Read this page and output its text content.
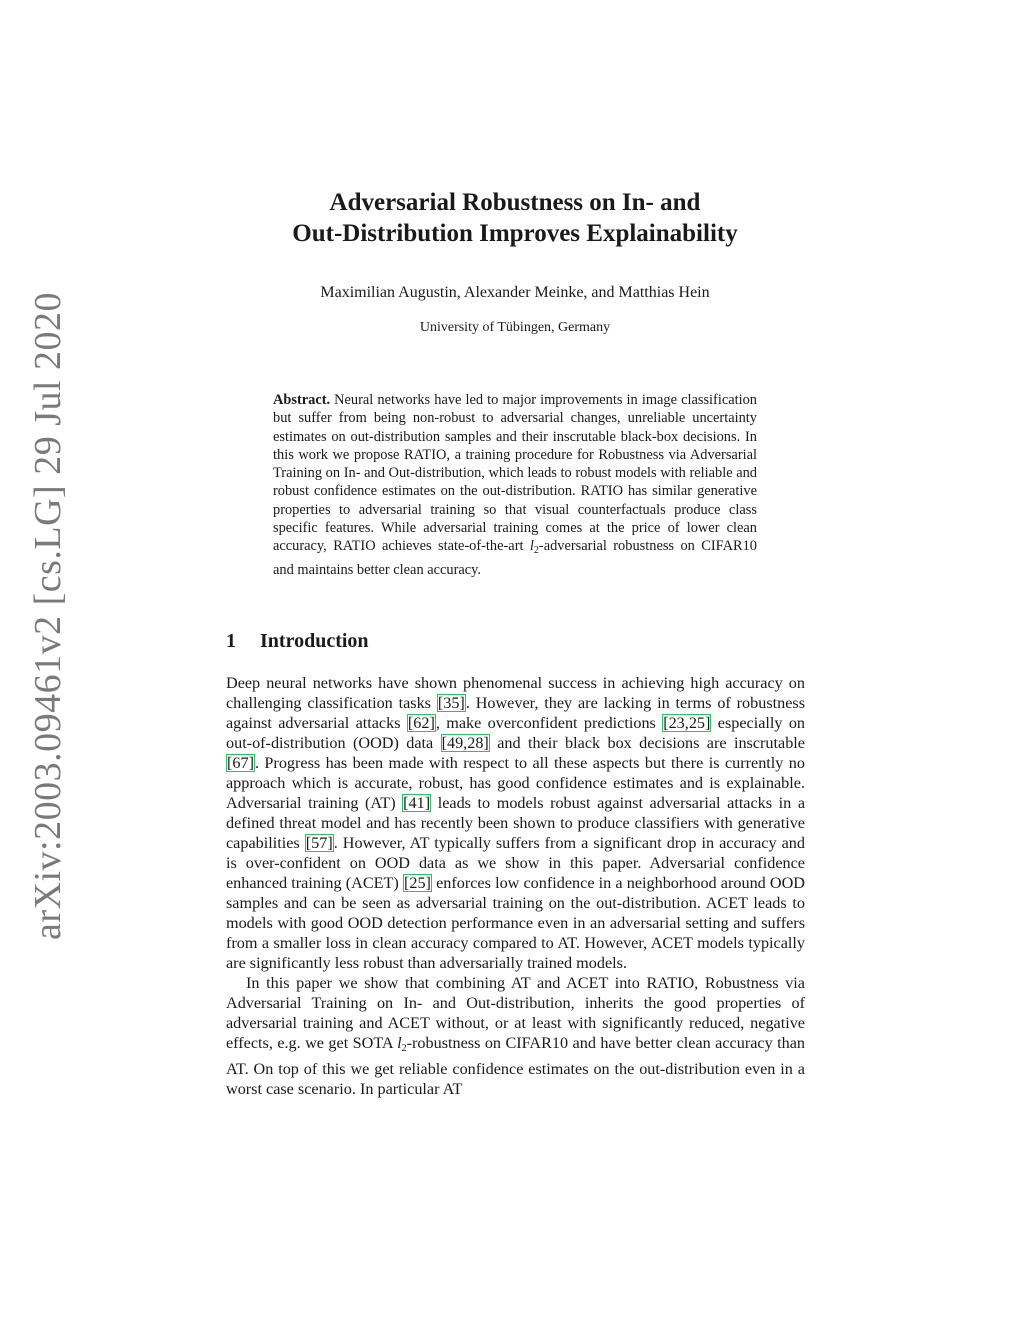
arXiv:2003.09461v2 [cs.LG] 29 Jul 2020
Adversarial Robustness on In- and
Out-Distribution Improves Explainability
Maximilian Augustin, Alexander Meinke, and Matthias Hein
University of Tübingen, Germany
Abstract. Neural networks have led to major improvements in image classification but suffer from being non-robust to adversarial changes, unreliable uncertainty estimates on out-distribution samples and their inscrutable black-box decisions. In this work we propose RATIO, a training procedure for Robustness via Adversarial Training on In- and Out-distribution, which leads to robust models with reliable and robust confidence estimates on the out-distribution. RATIO has similar generative properties to adversarial training so that visual counterfactuals produce class specific features. While adversarial training comes at the price of lower clean accuracy, RATIO achieves state-of-the-art $l_2$-adversarial robustness on CIFAR10 and maintains better clean accuracy.
1 Introduction

Deep neural networks have shown phenomenal success in achieving high accuracy on challenging classification tasks [35]. However, they are lacking in terms of robustness against adversarial attacks [62], make overconfident predictions [23,25] especially on out-of-distribution (OOD) data [49,28] and their black box decisions are inscrutable [67]. Progress has been made with respect to all these aspects but there is currently no approach which is accurate, robust, has good confidence estimates and is explainable. Adversarial training (AT) [41] leads to models robust against adversarial attacks in a defined threat model and has recently been shown to produce classifiers with generative capabilities [57]. However, AT typically suffers from a significant drop in accuracy and is over-confident on OOD data as we show in this paper. Adversarial confidence enhanced training (ACET) [25] enforces low confidence in a neighborhood around OOD samples and can be seen as adversarial training on the out-distribution. ACET leads to models with good OOD detection performance even in an adversarial setting and suffers from a smaller loss in clean accuracy compared to AT. However, ACET models typically are significantly less robust than adversarially trained models.

In this paper we show that combining AT and ACET into RATIO, Robustness via Adversarial Training on In- and Out-distribution, inherits the good properties of adversarial training and ACET without, or at least with significantly reduced, negative effects, e.g. we get SOTA $l_2$-robustness on CIFAR10 and have better clean accuracy than AT. On top of this we get reliable confidence estimates on the out-distribution even in a worst case scenario. In particular AT
